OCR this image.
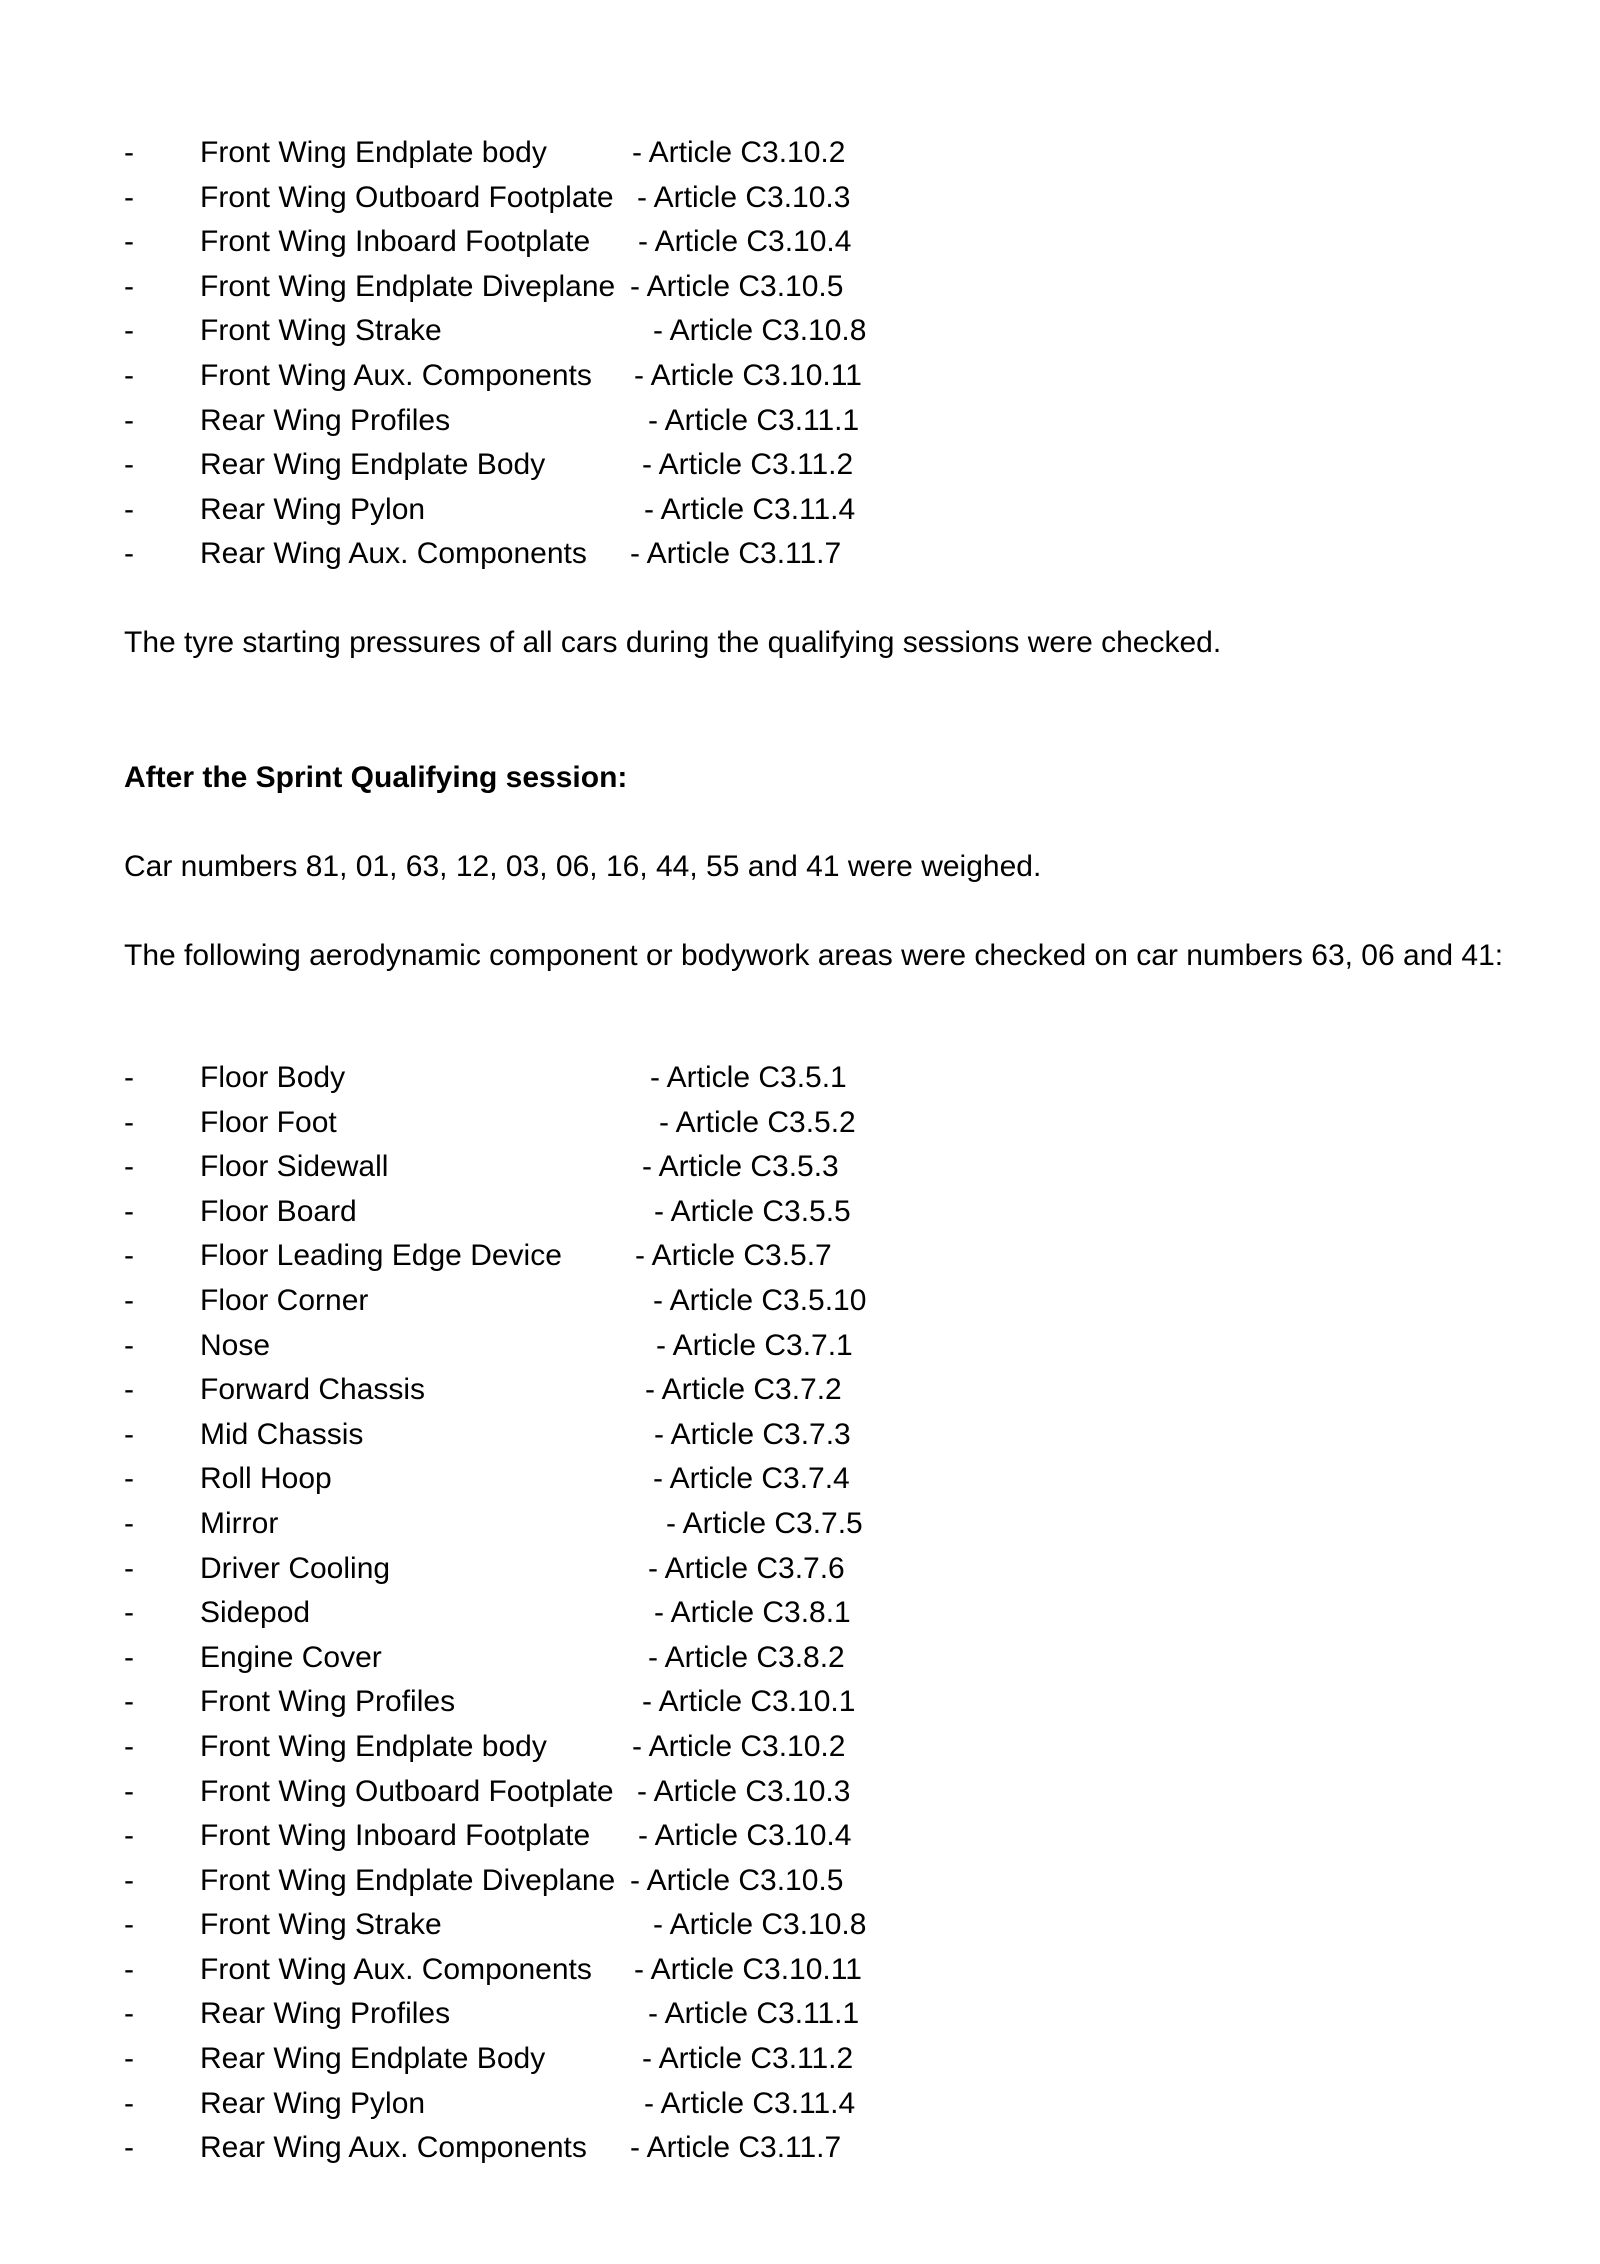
- Front Wing Endplate body	- Article C3.10.2
- Front Wing Outboard Footplate - Article C3.10.3
- Front Wing Inboard Footplate - Article C3.10.4
- Front Wing Endplate Diveplane - Article C3.10.5
- Front Wing Strake	- Article C3.10.8
- Front Wing Aux. Components - Article C3.10.11
- Rear Wing Profiles	- Article C3.11.1
- Rear Wing Endplate Body	- Article C3.11.2
- Rear Wing Pylon	- Article C3.11.4
- Rear Wing Aux. Components - Article C3.11.7
The tyre starting pressures of all cars during the qualifying sessions were checked.
After the Sprint Qualifying session:
Car numbers 81, 01, 63, 12, 03, 06, 16, 44, 55 and 41 were weighed.
The following aerodynamic component or bodywork areas were checked on car numbers 63, 06 and 41:
- Floor Body	- Article C3.5.1
- Floor Foot	- Article C3.5.2
- Floor Sidewall	- Article C3.5.3
- Floor Board	- Article C3.5.5
- Floor Leading Edge Device - Article C3.5.7
- Floor Corner	- Article C3.5.10
- Nose	- Article C3.7.1
- Forward Chassis	- Article C3.7.2
- Mid Chassis	- Article C3.7.3
- Roll Hoop	- Article C3.7.4
- Mirror	- Article C3.7.5
- Driver Cooling	- Article C3.7.6
- Sidepod	- Article C3.8.1
- Engine Cover	- Article C3.8.2
- Front Wing Profiles	- Article C3.10.1
- Front Wing Endplate body	- Article C3.10.2
- Front Wing Outboard Footplate - Article C3.10.3
- Front Wing Inboard Footplate - Article C3.10.4
- Front Wing Endplate Diveplane - Article C3.10.5
- Front Wing Strake	- Article C3.10.8
- Front Wing Aux. Components - Article C3.10.11
- Rear Wing Profiles	- Article C3.11.1
- Rear Wing Endplate Body	- Article C3.11.2
- Rear Wing Pylon	- Article C3.11.4
- Rear Wing Aux. Components - Article C3.11.7
